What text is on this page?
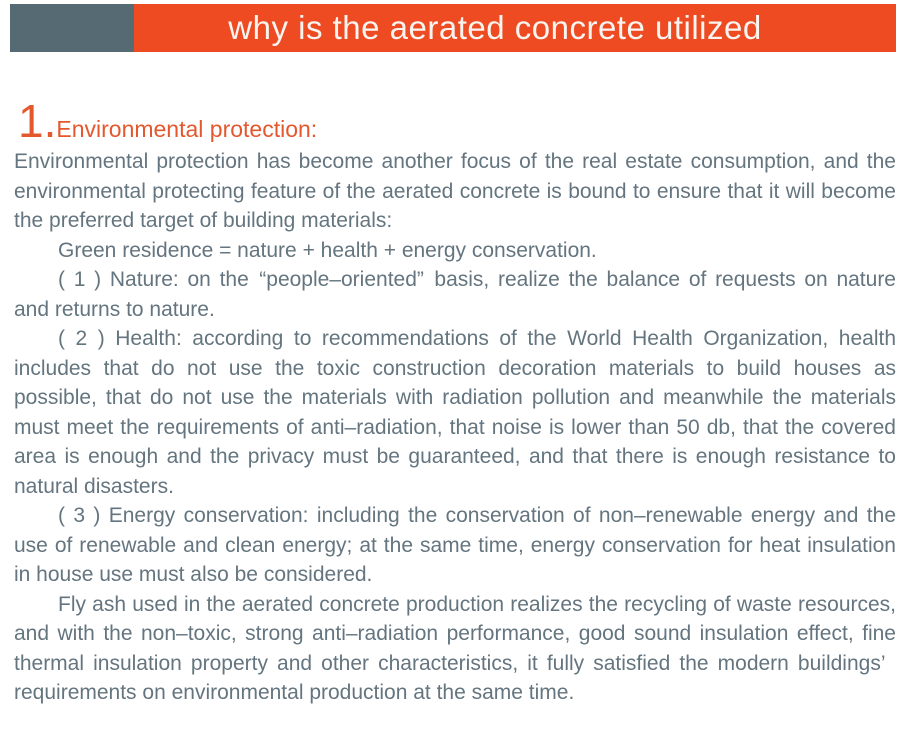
why is the aerated concrete utilized
1. Environmental protection:

Environmental protection has become another focus of the real estate consumption, and the environmental protecting feature of the aerated concrete is bound to ensure that it will become the preferred target of building materials:

Green residence = nature + health + energy conservation.

( 1 ) Nature: on the “people–oriented” basis, realize the balance of requests on nature and returns to nature.

( 2 ) Health: according to recommendations of the World Health Organization, health includes that do not use the toxic construction decoration materials to build houses as possible, that do not use the materials with radiation pollution and meanwhile the materials must meet the requirements of anti–radiation, that noise is lower than 50 db, that the covered area is enough and the privacy must be guaranteed, and that there is enough resistance to natural disasters.

( 3 ) Energy conservation: including the conservation of non–renewable energy and the use of renewable and clean energy; at the same time, energy conservation for heat insulation in house use must also be considered.

Fly ash used in the aerated concrete production realizes the recycling of waste resources, and with the non–toxic, strong anti–radiation performance, good sound insulation effect, fine thermal insulation property and other characteristics, it fully satisfied the modern buildings’ requirements on environmental production at the same time.
